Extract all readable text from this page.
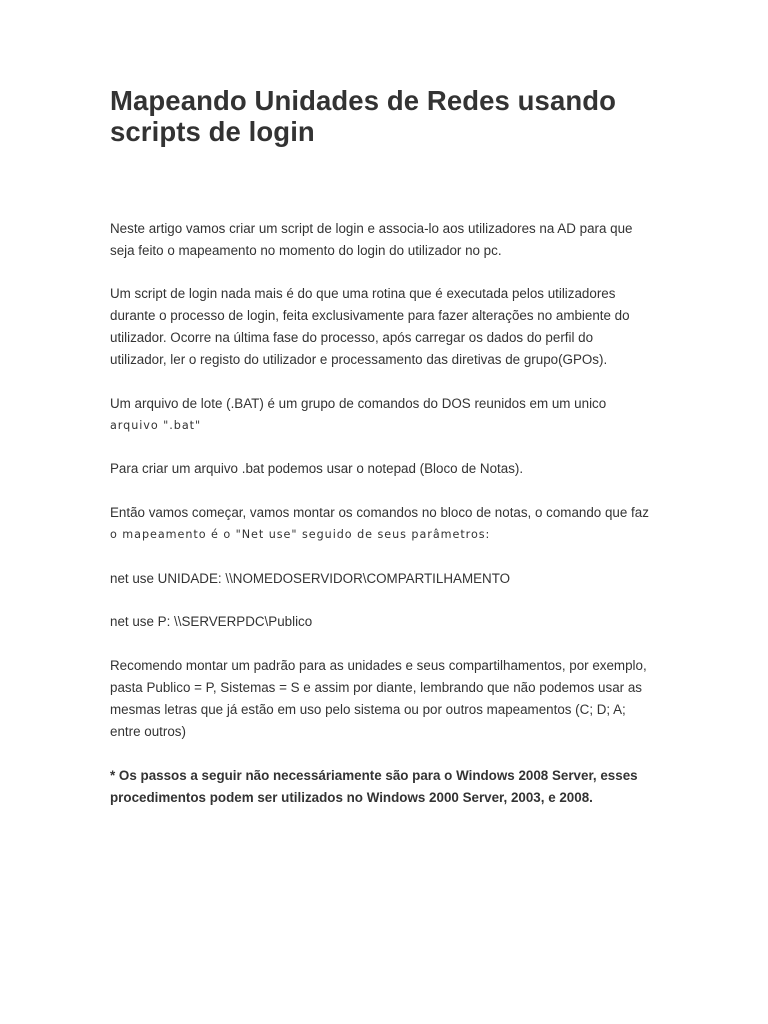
Mapeando Unidades de Redes usando
scripts de login

Neste artigo vamos criar um script de login e associa-lo aos utilizadores na AD para que
seja feito o mapeamento no momento do login do utilizador no pc.

Um script de login nada mais é do que uma rotina que é executada pelos utilizadores
durante o processo de login, feita exclusivamente para fazer alterações no ambiente do
utilizador. Ocorre na última fase do processo, após carregar os dados do perfil do
utilizador, ler o registo do utilizador e processamento das diretivas de grupo(GPOs).

Um arquivo de lote (.BAT) é um grupo de comandos do DOS reunidos em um unico
arquivo ".bat"

Para criar um arquivo .bat podemos usar o notepad (Bloco de Notas).

Então vamos começar, vamos montar os comandos no bloco de notas, o comando que faz
o mapeamento é o "Net use" seguido de seus parâmetros:

net use UNIDADE: \\NOMEDOSERVIDOR\COMPARTILHAMENTO

net use P: \\SERVERPDC\Publico

Recomendo montar um padrão para as unidades e seus compartilhamentos, por exemplo,
pasta Publico = P, Sistemas = S e assim por diante, lembrando que não podemos usar as
mesmas letras que já estão em uso pelo sistema ou por outros mapeamentos (C; D; A;
entre outros)

* Os passos a seguir não necessáriamente são para o Windows 2008 Server, esses
procedimentos podem ser utilizados no Windows 2000 Server, 2003, e 2008.
